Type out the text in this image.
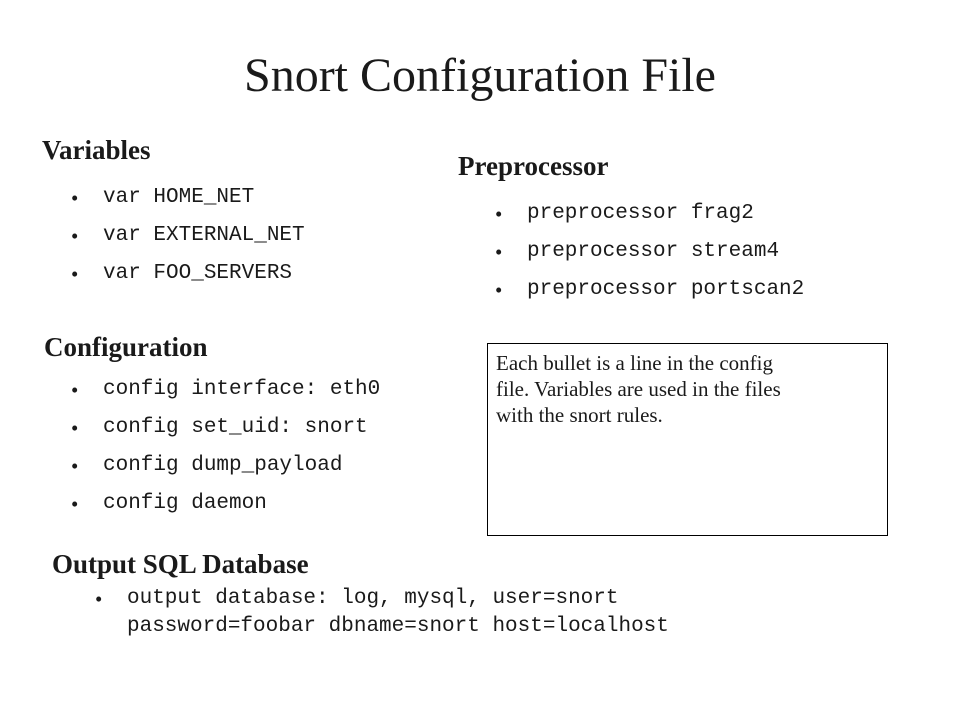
Snort Configuration File
Variables
• var HOME_NET
• var EXTERNAL_NET
• var FOO_SERVERS
Preprocessor
• preprocessor frag2
• preprocessor stream4
• preprocessor portscan2
Configuration
• config interface: eth0
• config set_uid: snort
• config dump_payload
• config daemon
Each bullet is a line in the config
file. Variables are used in the files
with the snort rules.
Output SQL Database
• output database: log, mysql, user=snort
password=foobar dbname=snort host=localhost
